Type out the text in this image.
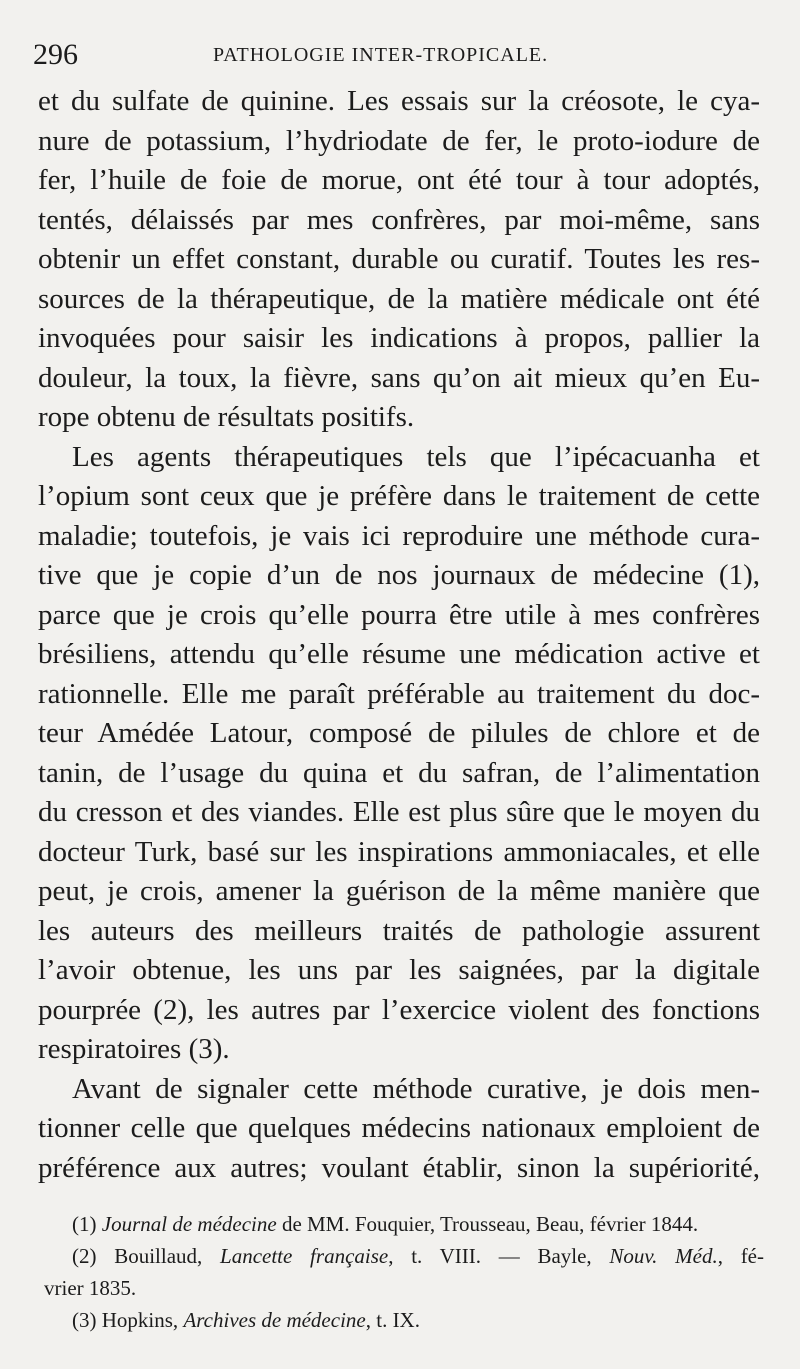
296	PATHOLOGIE INTER-TROPICALE.
et du sulfate de quinine. Les essais sur la créosote, le cya-
nure de potassium, l’hydriodate de fer, le proto-iodure de
fer, l’huile de foie de morue, ont été tour à tour adoptés,
tentés, délaissés par mes confrères, par moi-même, sans
obtenir un effet constant, durable ou curatif. Toutes les res-
sources de la thérapeutique, de la matière médicale ont été
invoquées pour saisir les indications à propos, pallier la
douleur, la toux, la fièvre, sans qu’on ait mieux qu’en Eu-
rope obtenu de résultats positifs.
Les agents thérapeutiques tels que l’ipécacuanha et
l’opium sont ceux que je préfère dans le traitement de cette
maladie; toutefois, je vais ici reproduire une méthode cura-
tive que je copie d’un de nos journaux de médecine (1),
parce que je crois qu’elle pourra être utile à mes confrères
brésiliens, attendu qu’elle résume une médication active et
rationnelle. Elle me paraît préférable au traitement du doc-
teur Amédée Latour, composé de pilules de chlore et de
tanin, de l’usage du quina et du safran, de l’alimentation
du cresson et des viandes. Elle est plus sûre que le moyen du
docteur Turk, basé sur les inspirations ammoniacales, et elle
peut, je crois, amener la guérison de la même manière que
les auteurs des meilleurs traités de pathologie assurent
l’avoir obtenue, les uns par les saignées, par la digitale
pourprée (2), les autres par l’exercice violent des fonctions
respiratoires (3).
Avant de signaler cette méthode curative, je dois men-
tionner celle que quelques médecins nationaux emploient de
préférence aux autres; voulant établir, sinon la supériorité,
(1) Journal de médecine de MM. Fouquier, Trousseau, Beau, février 1844.
(2) Bouillaud, Lancette française, t. VIII. — Bayle, Nouv. Méd., fé-
vrier 1835.
(3) Hopkins, Archives de médecine, t. IX.
